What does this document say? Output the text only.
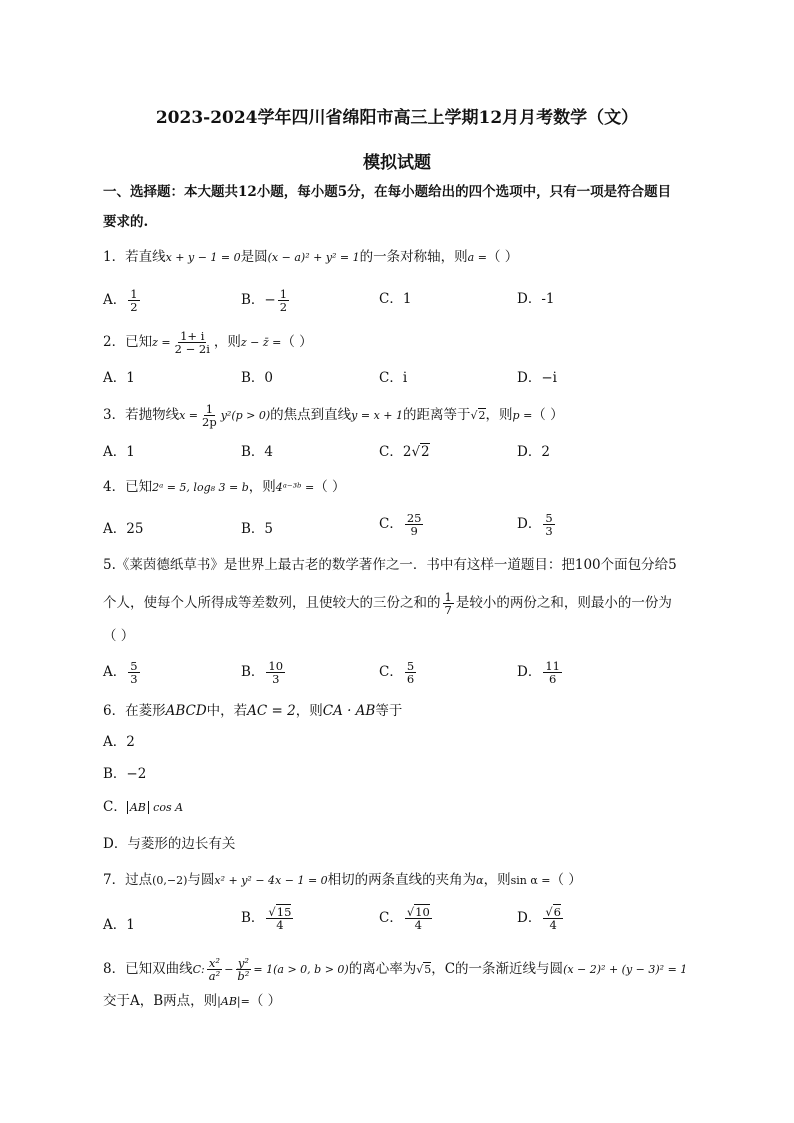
2023-2024学年四川省绵阳市高三上学期12月月考数学（文）
模拟试题
一、选择题：本大题共12小题，每小题5分，在每小题给出的四个选项中，只有一项是符合题目
要求的.
1．若直线x + y − 1 = 0是圆(x − a)² + y² = 1的一条对称轴，则a =（ ）
A． $\frac{1}{2}$	B．− $\frac{1}{2}$	C．1	D．-1
2．已知$z = \frac{1+ i}{2 - 2i}$ ，则z − z̄ =（ ）
A．1	B．0	C．i	D．−i
3．若抛物线$x = \frac{1}{2p} y^2(p > 0)$的焦点到直线y = x + 1的距离等于√2，则p =（ ）
A．1	B．4	C．2√2	D．2
4．已知2ᵃ = 5, log₈ 3 = b，则4ᵃ⁻³ᵇ =（ ）
A．25	B．5	C． $\frac{25}{9}$	D． $\frac{5}{3}$
5.《莱茵德纸草书》是世界上最古老的数学著作之一．书中有这样一道题目：把100个面包分给5
个人，使每个人所得成等差数列，且使较大的三份之和的 $\frac{1}{7}$ 是较小的两份之和，则最小的一份为
（ ）
A． $\frac{5}{3}$	B． $\frac{10}{3}$	C． $\frac{5}{6}$	D． $\frac{11}{6}$
6．在菱形ABCD中，若AC = 2，则CA · AB等于
A．2
B．−2
C． AB cos A
D．与菱形的边长有关
7．过点(0,−2)与圆x² + y² − 4x − 1 = 0相切的两条直线的夹角为α，则sin α =（ ）
A．1	B． $\frac{√15}{4}$	C． $\frac{√10}{4}$	D． $\frac{√6}{4}$
8．已知双曲线C: $\frac{\text{x²}}{\text{a²}} - \frac{\text{y²}}{\text{b²}} = 1(a > 0$, b > 0)的离心率为√5，C的一条渐近线与圆(x − 2)² + (y − 3)² = 1
交于A，B两点，则|AB|=（ ）
